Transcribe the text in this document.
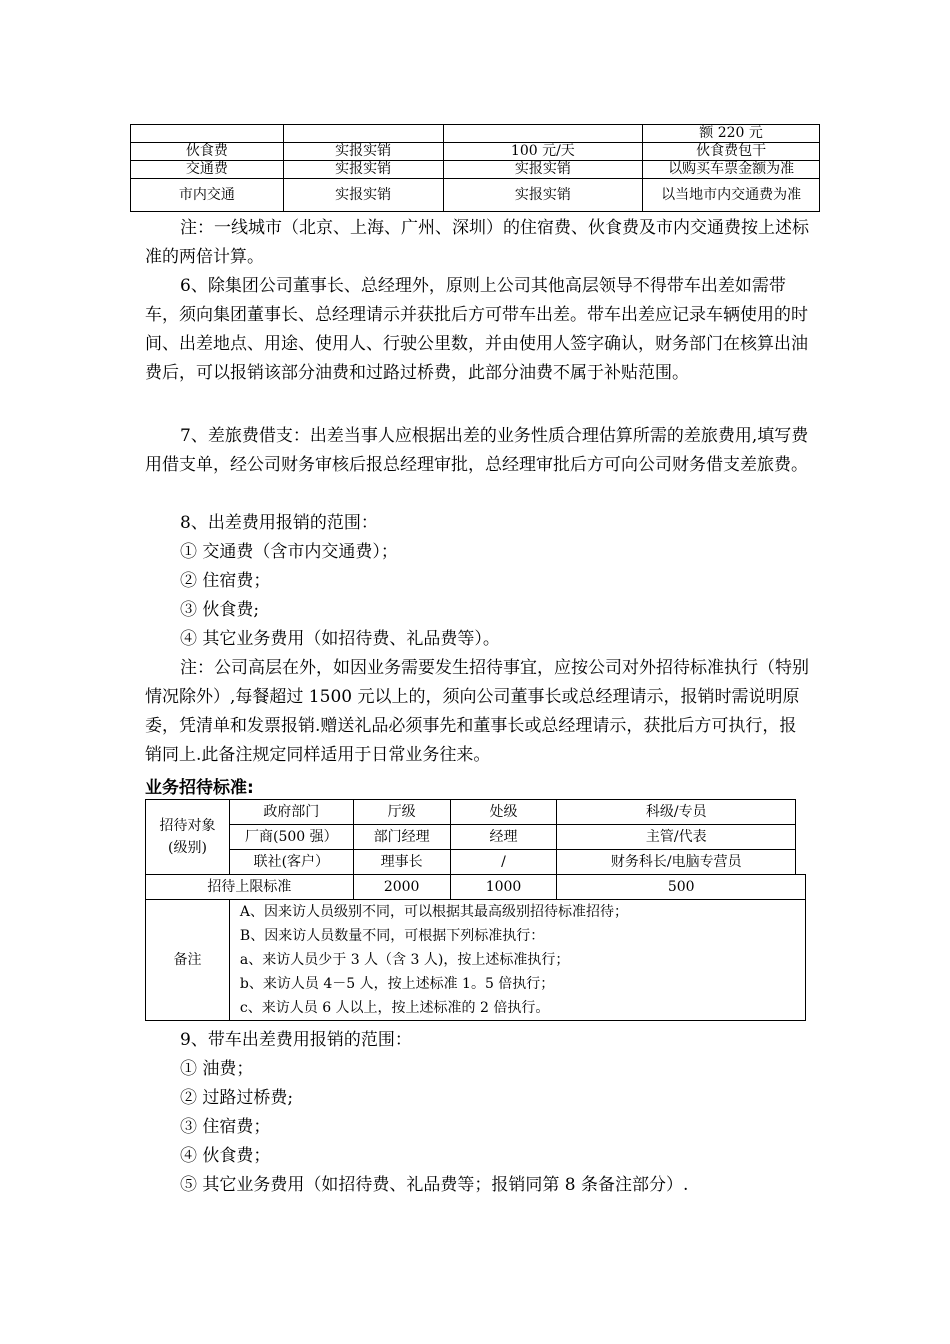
			额 220 元
伙食费	实报实销	100 元/天	伙食费包干
交通费	实报实销	实报实销	以购买车票金额为准
市内交通	实报实销	实报实销	以当地市内交通费为准

注：一线城市（北京、上海、广州、深圳）的住宿费、伙食费及市内交通费按上述标准的两倍计算。

6、除集团公司董事长、总经理外，原则上公司其他高层领导不得带车出差如需带车，须向集团董事长、总经理请示并获批后方可带车出差。带车出差应记录车辆使用的时间、出差地点、用途、使用人、行驶公里数，并由使用人签字确认，财务部门在核算出油费后，可以报销该部分油费和过路过桥费，此部分油费不属于补贴范围。

7、差旅费借支：出差当事人应根据出差的业务性质合理估算所需的差旅费用,填写费用借支单，经公司财务审核后报总经理审批，总经理审批后方可向公司财务借支差旅费。

8、出差费用报销的范围：

① 交通费（含市内交通费）；

② 住宿费；

③ 伙食费;

④ 其它业务费用（如招待费、礼品费等）。

注：公司高层在外，如因业务需要发生招待事宜，应按公司对外招待标准执行（特别情况除外）,每餐超过 1500 元以上的，须向公司董事长或总经理请示，报销时需说明原委，凭清单和发票报销.赠送礼品必须事先和董事长或总经理请示，获批后方可执行，报销同上.此备注规定同样适用于日常业务往来。

业务招待标准:

招待对象(级别)	政府部门	厅级	处级	科级/专员	
	厂商(500 强）	部门经理	经理	主管/代表	
	联社(客户）	理事长	/	财务科长/电脑专营员	
招待上限标准		2000	1000	500	
备注	A、因来访人员级别不同，可以根据其最高级别招待标准招待；				
	B、因来访人员数量不同，可根据下列标准执行：				
	a、来访人员少于 3 人（含 3 人)，按上述标准执行；				
	b、来访人员 4－5 人，按上述标准 1。5 倍执行；				
	c、来访人员 6 人以上，按上述标准的 2 倍执行。				

9、带车出差费用报销的范围：

① 油费；

② 过路过桥费;

③ 住宿费；

④ 伙食费；

⑤ 其它业务费用（如招待费、礼品费等；报销同第 8 条备注部分）.
